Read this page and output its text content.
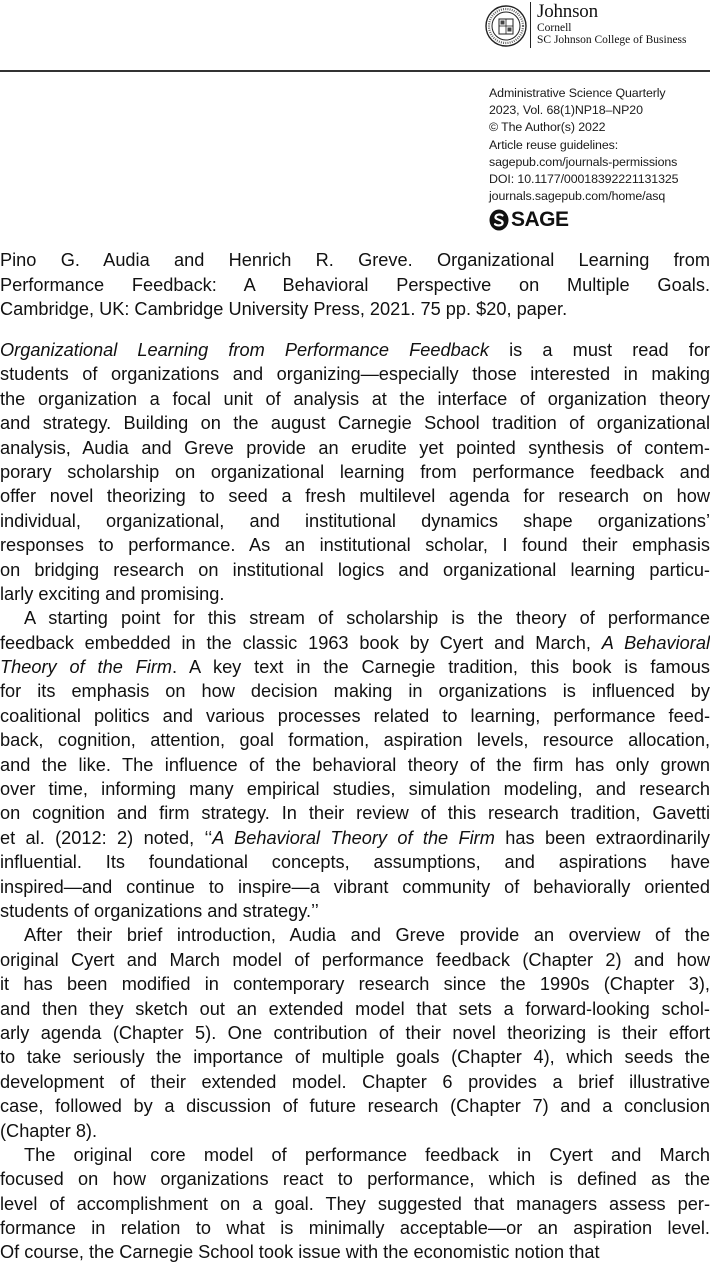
Johnson
Cornell
SC Johnson College of Business
Administrative Science Quarterly
2023, Vol. 68(1)NP18–NP20
© The Author(s) 2022
Article reuse guidelines:
sagepub.com/journals-permissions
DOI: 10.1177/00018392221131325
journals.sagepub.com/home/asq
SAGE
Pino G. Audia and Henrich R. Greve. Organizational Learning from
Performance Feedback: A Behavioral Perspective on Multiple Goals.
Cambridge, UK: Cambridge University Press, 2021. 75 pp. $20, paper.
Organizational Learning from Performance Feedback is a must read for
students of organizations and organizing—especially those interested in making
the organization a focal unit of analysis at the interface of organization theory
and strategy. Building on the august Carnegie School tradition of organizational
analysis, Audia and Greve provide an erudite yet pointed synthesis of contem-
porary scholarship on organizational learning from performance feedback and
offer novel theorizing to seed a fresh multilevel agenda for research on how
individual, organizational, and institutional dynamics shape organizations’
responses to performance. As an institutional scholar, I found their emphasis
on bridging research on institutional logics and organizational learning particu-
larly exciting and promising.
A starting point for this stream of scholarship is the theory of performance
feedback embedded in the classic 1963 book by Cyert and March, A Behavioral
Theory of the Firm. A key text in the Carnegie tradition, this book is famous
for its emphasis on how decision making in organizations is influenced by
coalitional politics and various processes related to learning, performance feed-
back, cognition, attention, goal formation, aspiration levels, resource allocation,
and the like. The influence of the behavioral theory of the firm has only grown
over time, informing many empirical studies, simulation modeling, and research
on cognition and firm strategy. In their review of this research tradition, Gavetti
et al. (2012: 2) noted, ‘‘A Behavioral Theory of the Firm has been extraordinarily
influential. Its foundational concepts, assumptions, and aspirations have
inspired—and continue to inspire—a vibrant community of behaviorally oriented
students of organizations and strategy.’’
After their brief introduction, Audia and Greve provide an overview of the
original Cyert and March model of performance feedback (Chapter 2) and how
it has been modified in contemporary research since the 1990s (Chapter 3),
and then they sketch out an extended model that sets a forward-looking schol-
arly agenda (Chapter 5). One contribution of their novel theorizing is their effort
to take seriously the importance of multiple goals (Chapter 4), which seeds the
development of their extended model. Chapter 6 provides a brief illustrative
case, followed by a discussion of future research (Chapter 7) and a conclusion
(Chapter 8).
The original core model of performance feedback in Cyert and March
focused on how organizations react to performance, which is defined as the
level of accomplishment on a goal. They suggested that managers assess per-
formance in relation to what is minimally acceptable—or an aspiration level.
Of course, the Carnegie School took issue with the economistic notion that
